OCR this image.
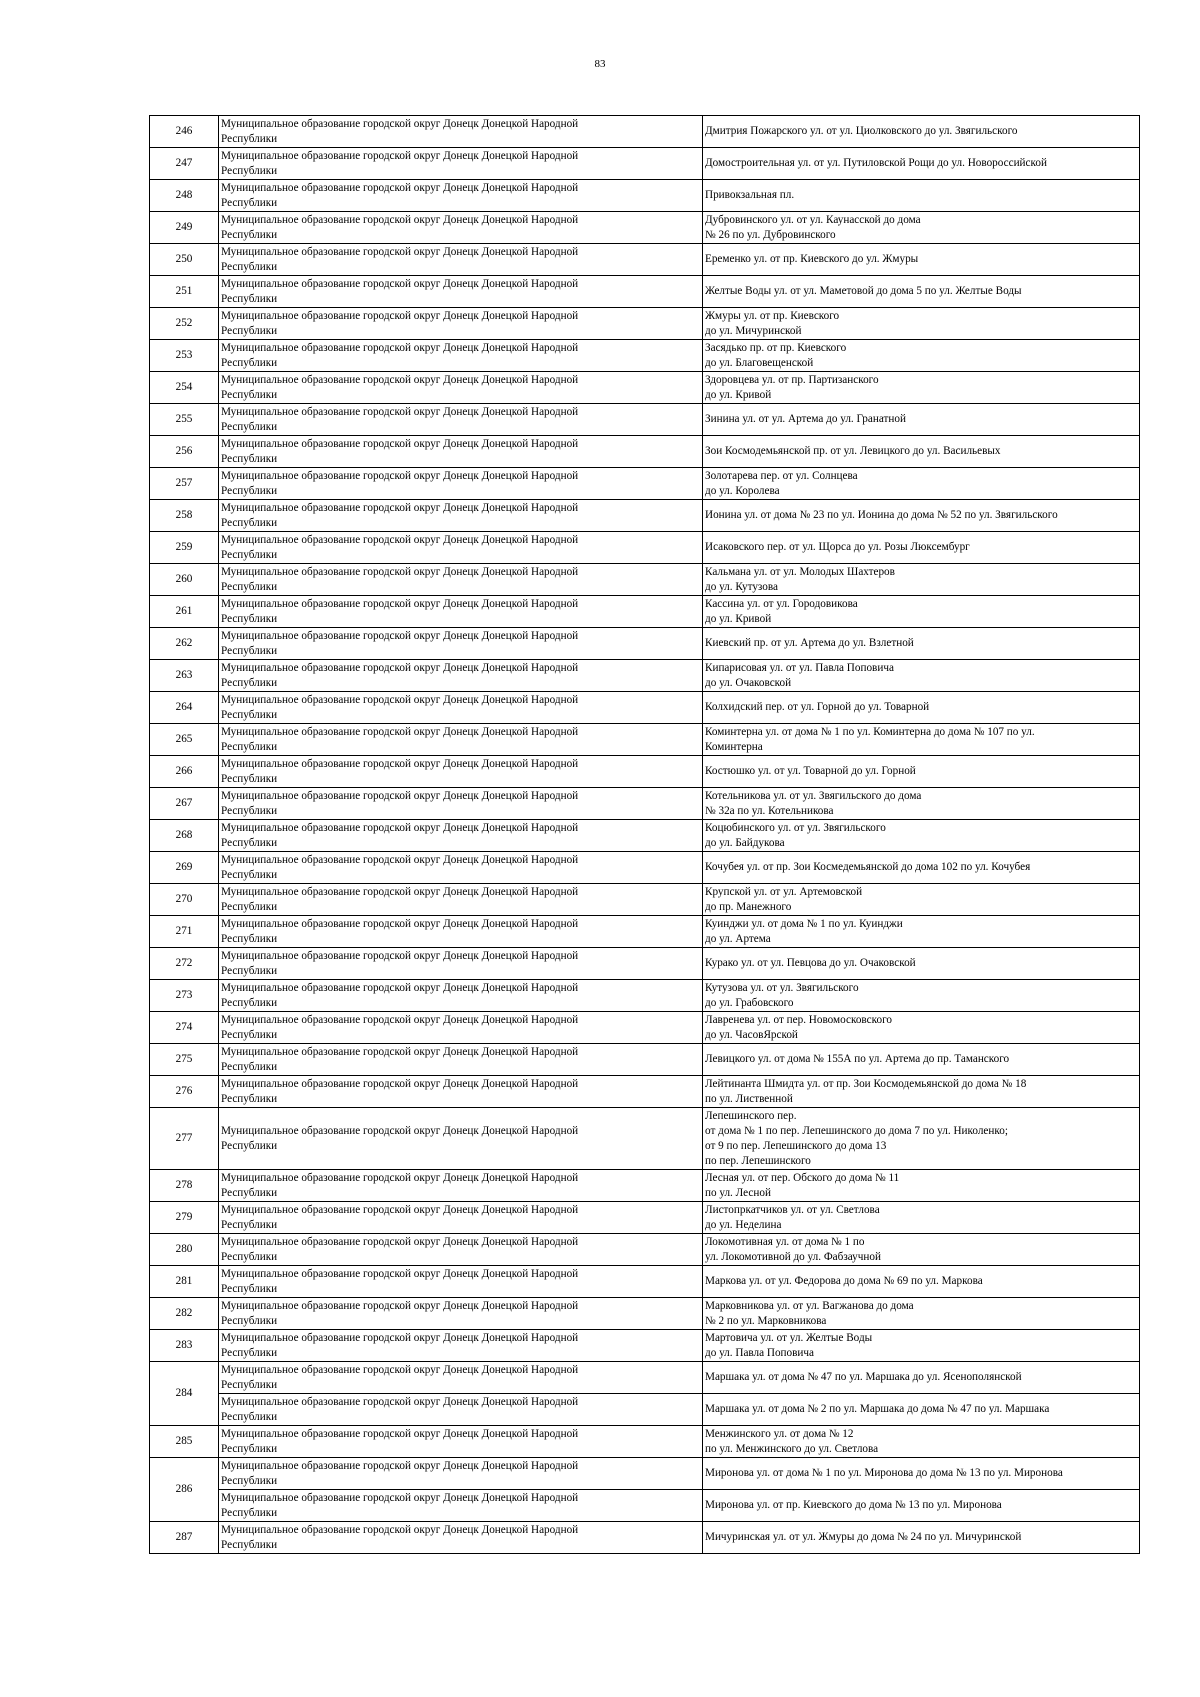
83
246	Муниципальное образование городской округ Донецк Донецкой Народной
Республики	Дмитрия Пожарского ул. от ул. Циолковского до ул. Звягильского

247	Муниципальное образование городской округ Донецк Донецкой Народной
Республики	Домостроительная ул. от ул. Путиловской Рощи до ул. Новороссийской

248	Муниципальное образование городской округ Донецк Донецкой Народной
Республики	Привокзальная пл.

249	Муниципальное образование городской округ Донецк Донецкой Народной
Республики	Дубровинского ул. от ул. Каунасской до дома
№ 26 по ул. Дубровинского

250	Муниципальное образование городской округ Донецк Донецкой Народной
Республики	Еременко ул. от пр. Киевского до ул. Жмуры

251	Муниципальное образование городской округ Донецк Донецкой Народной
Республики	Желтые Воды ул. от ул. Маметовой до дома 5 по ул. Желтые Воды

252	Муниципальное образование городской округ Донецк Донецкой Народной
Республики	Жмуры ул. от пр. Киевского
до ул. Мичуринской

253	Муниципальное образование городской округ Донецк Донецкой Народной
Республики	Засядько пр. от пр. Киевского
до ул. Благовещенской

254	Муниципальное образование городской округ Донецк Донецкой Народной
Республики	Здоровцева ул. от пр. Партизанского
до ул. Кривой

255	Муниципальное образование городской округ Донецк Донецкой Народной
Республики	Зинина ул. от ул. Артема до ул. Гранатной

256	Муниципальное образование городской округ Донецк Донецкой Народной
Республики	Зои Космодемьянской пр. от ул. Левицкого до ул. Васильевых

257	Муниципальное образование городской округ Донецк Донецкой Народной
Республики	Золотарева пер. от ул. Солнцева
до ул. Королева

258	Муниципальное образование городской округ Донецк Донецкой Народной
Республики	Ионина ул. от дома № 23 по ул. Ионина до дома № 52 по ул. Звягильского

259	Муниципальное образование городской округ Донецк Донецкой Народной
Республики	Исаковского пер. от ул. Щорса до ул. Розы Люксембург

260	Муниципальное образование городской округ Донецк Донецкой Народной
Республики	Кальмана ул. от ул. Молодых Шахтеров
до ул. Кутузова

261	Муниципальное образование городской округ Донецк Донецкой Народной
Республики	Кассина ул. от ул. Городовикова
до ул. Кривой

262	Муниципальное образование городской округ Донецк Донецкой Народной
Республики	Киевский пр. от ул. Артема до ул. Взлетной

263	Муниципальное образование городской округ Донецк Донецкой Народной
Республики	Кипарисовая ул. от ул. Павла Поповича
до ул. Очаковской

264	Муниципальное образование городской округ Донецк Донецкой Народной
Республики	Колхидский пер. от ул. Горной до ул. Товарной

265	Муниципальное образование городской округ Донецк Донецкой Народной
Республики	Коминтерна ул. от дома № 1 по ул. Коминтерна до дома № 107 по ул.
Коминтерна

266	Муниципальное образование городской округ Донецк Донецкой Народной
Республики	Костюшко ул. от ул. Товарной до ул. Горной

267	Муниципальное образование городской округ Донецк Донецкой Народной
Республики	Котельникова ул. от ул. Звягильского до дома
№ 32а по ул. Котельникова

268	Муниципальное образование городской округ Донецк Донецкой Народной
Республики	Коцюбинского ул. от ул. Звягильского
до ул. Байдукова

269	Муниципальное образование городской округ Донецк Донецкой Народной
Республики	Кочубея ул. от пр. Зои Космедемьянской до дома 102 по ул. Кочубея

270	Муниципальное образование городской округ Донецк Донецкой Народной
Республики	Крупской ул. от ул. Артемовской
до пр. Манежного

271	Муниципальное образование городской округ Донецк Донецкой Народной
Республики	Куинджи ул. от дома № 1 по ул. Куинджи
до ул. Артема

272	Муниципальное образование городской округ Донецк Донецкой Народной
Республики	Курако ул. от ул. Певцова до ул. Очаковской

273	Муниципальное образование городской округ Донецк Донецкой Народной
Республики	Кутузова ул. от ул. Звягильского
до ул. Грабовского

274	Муниципальное образование городской округ Донецк Донецкой Народной
Республики	Лавренева ул. от пер. Новомосковского
до ул. ЧасовЯрской

275	Муниципальное образование городской округ Донецк Донецкой Народной
Республики	Левицкого ул. от дома № 155А по ул. Артема до пр. Таманского

276	Муниципальное образование городской округ Донецк Донецкой Народной
Республики	Лейтинанта Шмидта ул. от пр. Зои Космодемьянской до дома № 18
по ул. Лиственной

277	Муниципальное образование городской округ Донецк Донецкой Народной
Республики	Лепешинского пер.
от дома № 1 по пер. Лепешинского до дома 7 по ул. Николенко;
от 9 по пер. Лепешинского до дома 13
по пер. Лепешинского

278	Муниципальное образование городской округ Донецк Донецкой Народной
Республики	Лесная ул. от пер. Обского до дома № 11
по ул. Лесной

279	Муниципальное образование городской округ Донецк Донецкой Народной
Республики	Листопркатчиков ул. от ул. Светлова
до ул. Неделина

280	Муниципальное образование городской округ Донецк Донецкой Народной
Республики	Локомотивная ул. от дома № 1 по
ул. Локомотивной до ул. Фабзаучной

281	Муниципальное образование городской округ Донецк Донецкой Народной
Республики	Маркова ул. от ул. Федорова до дома № 69 по ул. Маркова

282	Муниципальное образование городской округ Донецк Донецкой Народной
Республики	Марковникова ул. от ул. Вагжанова до дома
№ 2 по ул. Марковникова

283	Муниципальное образование городской округ Донецк Донецкой Народной
Республики	Мартовича ул. от ул. Желтые Воды
до ул. Павла Поповича

284	Муниципальное образование городской округ Донецк Донецкой Народной
Республики	Маршака ул. от дома № 47 по ул. Маршака до ул. Ясенополянской

	Муниципальное образование городской округ Донецк Донецкой Народной
Республики	Маршака ул. от дома № 2 по ул. Маршака до дома № 47 по ул. Маршака

285	Муниципальное образование городской округ Донецк Донецкой Народной
Республики	Менжинского ул. от дома № 12
по ул. Менжинского до ул. Светлова

286	Муниципальное образование городской округ Донецк Донецкой Народной
Республики	Миронова ул. от дома № 1 по ул. Миронова до дома № 13 по ул. Миронова

	Муниципальное образование городской округ Донецк Донецкой Народной
Республики	Миронова ул. от пр. Киевского до дома № 13 по ул. Миронова

287	Муниципальное образование городской округ Донецк Донецкой Народной
Республики	Мичуринская ул. от ул. Жмуры до дома № 24 по ул. Мичуринской
